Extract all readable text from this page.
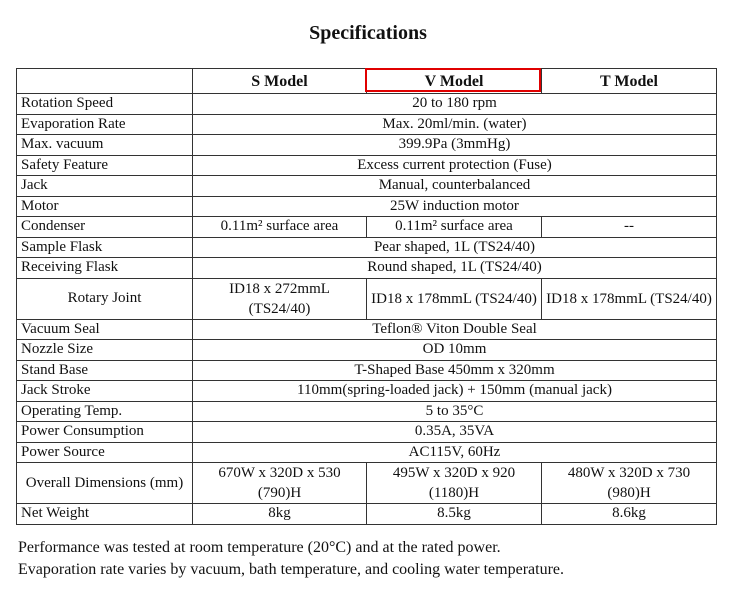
Specifications
	S Model	V Model	T Model
Rotation Speed	20 to 180 rpm		
Evaporation Rate	Max. 20ml/min. (water)		
Max. vacuum	399.9Pa (3mmHg)		
Safety Feature	Excess current protection (Fuse)		
Jack	Manual, counterbalanced		
Motor	25W induction motor		
Condenser	0.11m² surface area	0.11m² surface area	--
Sample Flask	Pear shaped, 1L (TS24/40)		
Receiving Flask	Round shaped, 1L (TS24/40)		
Rotary Joint	ID18 x 272mmL (TS24/40)	ID18 x 178mmL (TS24/40)	ID18 x 178mmL (TS24/40)
Vacuum Seal	Teflon® Viton Double Seal		
Nozzle Size	OD 10mm		
Stand Base	T-Shaped Base 450mm x 320mm		
Jack Stroke	110mm(spring-loaded jack) + 150mm (manual jack)		
Operating Temp.	5 to 35°C		
Power Consumption	0.35A, 35VA		
Power Source	AC115V, 60Hz		
Overall Dimensions (mm)	670W x 320D x 530 (790)H	495W x 320D x 920 (1180)H	480W x 320D x 730 (980)H
Net Weight	8kg	8.5kg	8.6kg
Performance was tested at room temperature (20°C) and at the rated power.
Evaporation rate varies by vacuum, bath temperature, and cooling water temperature.
